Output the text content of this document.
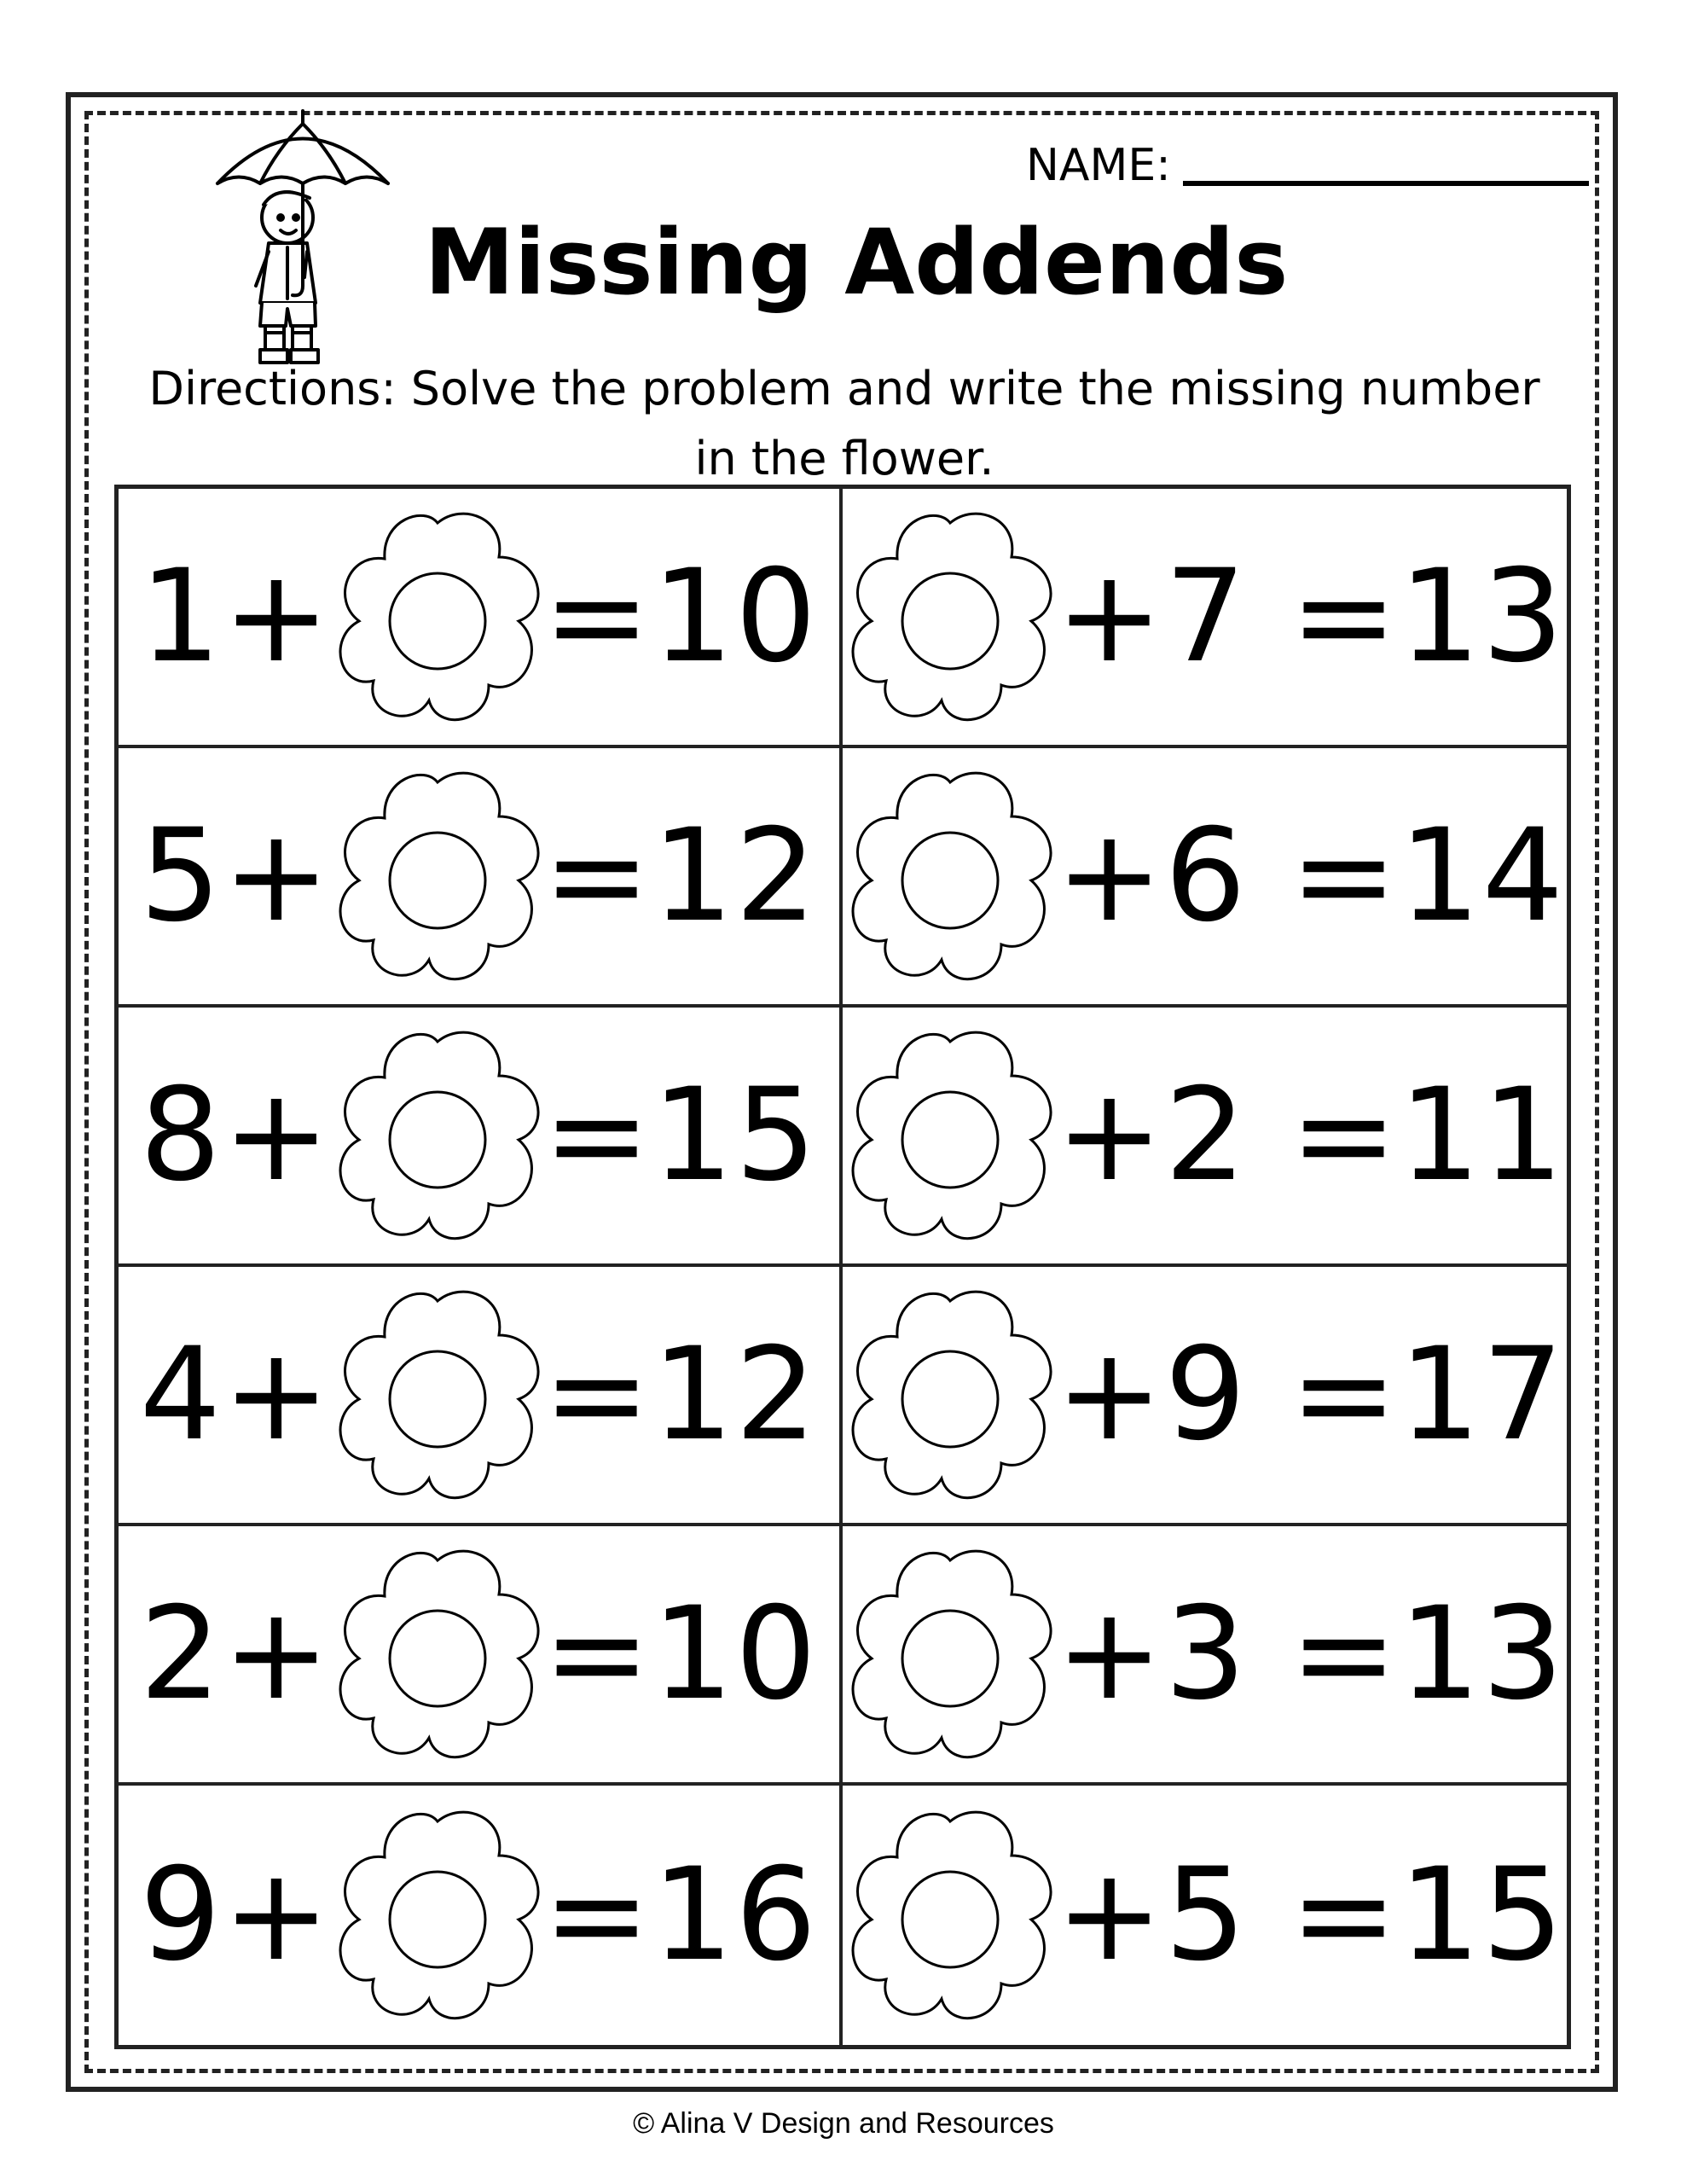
NAME:
Missing Addends
Directions: Solve the problem and write the missing number
in the flower.
1+ =10 +7 =13
5+ =12 +6 =14
8+ =15 +2 =11
4+ =12 +9 =17
2+ =10 +3 =13
9+ =16 +5 =15
© Alina V Design and Resources
